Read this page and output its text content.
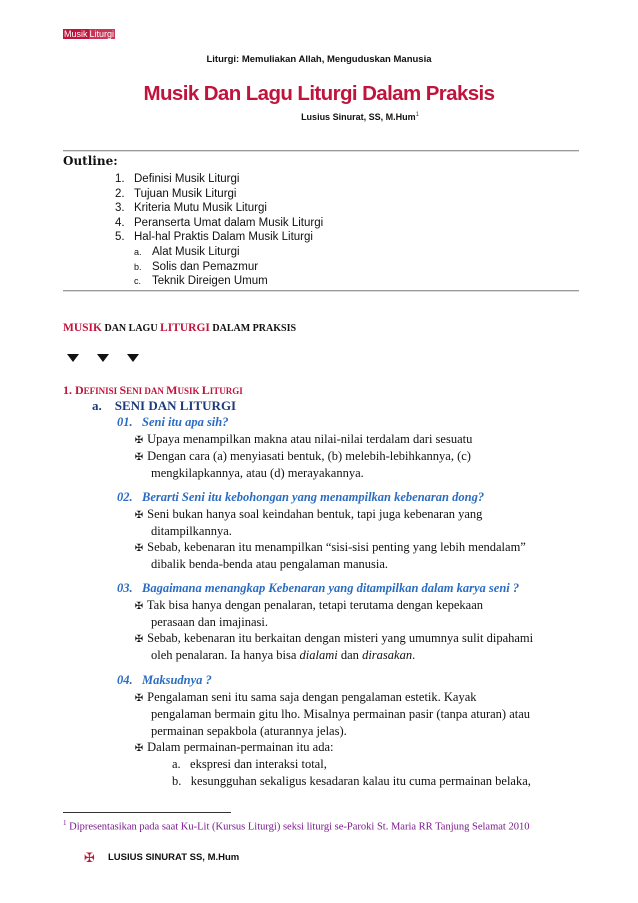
Musik Liturgi
Liturgi: Memuliakan Allah, Menguduskan Manusia
Musik Dan Lagu Liturgi Dalam Praksis
Lusius Sinurat, SS, M.Hum$^1$
Outline:
1. Definisi Musik Liturgi
2. Tujuan Musik Liturgi
3. Kriteria Mutu Musik Liturgi
4. Peranserta Umat dalam Musik Liturgi
5. Hal-hal Praktis Dalam Musik Liturgi
a. Alat Musik Liturgi
b. Solis dan Pemazmur
c. Teknik Direigen Umum
MUSIK DAN LAGU LITURGI DALAM PRAKSIS

1. DEFINISI SENI DAN MUSIK LITURGI
a.    SENI DAN LITURGI
01.   Seni itu apa sih?
✠ Upaya menampilkan makna atau nilai-nilai terdalam dari sesuatu
✠ Dengan cara (a) menyiasati bentuk, (b) melebih-lebihkannya, (c)
mengkilapkannya, atau (d) merayakannya.
02.   Berarti Seni itu kebohongan yang menampilkan kebenaran dong?
✠ Seni bukan hanya soal keindahan bentuk, tapi juga kebenaran yang
ditampilkannya.
✠ Sebab, kebenaran itu menampilkan “sisi-sisi penting yang lebih mendalam”
dibalik benda-benda atau pengalaman manusia.
03.   Bagaimana menangkap Kebenaran yang ditampilkan dalam karya seni ?
✠ Tak bisa hanya dengan penalaran, tetapi terutama dengan kepekaan
perasaan dan imajinasi.
✠ Sebab, kebenaran itu berkaitan dengan misteri yang umumnya sulit dipahami
oleh penalaran. Ia hanya bisa dialami dan dirasakan.
04.   Maksudnya ?
✠ Pengalaman seni itu sama saja dengan pengalaman estetik. Kayak
pengalaman bermain gitu lho. Misalnya permainan pasir (tanpa aturan) atau
permainan sepakbola (aturannya jelas).
✠ Dalam permainan-permainan itu ada:
a.   ekspresi dan interaksi total,
b.   kesungguhan sekaligus kesadaran kalau itu cuma permainan belaka,
$^1$ Dipresentasikan pada saat Ku-Lit (Kursus Liturgi) seksi liturgi se-Paroki St. Maria RR Tanjung Selamat 2010
✠ LUSIUS SINURAT SS, M.Hum
